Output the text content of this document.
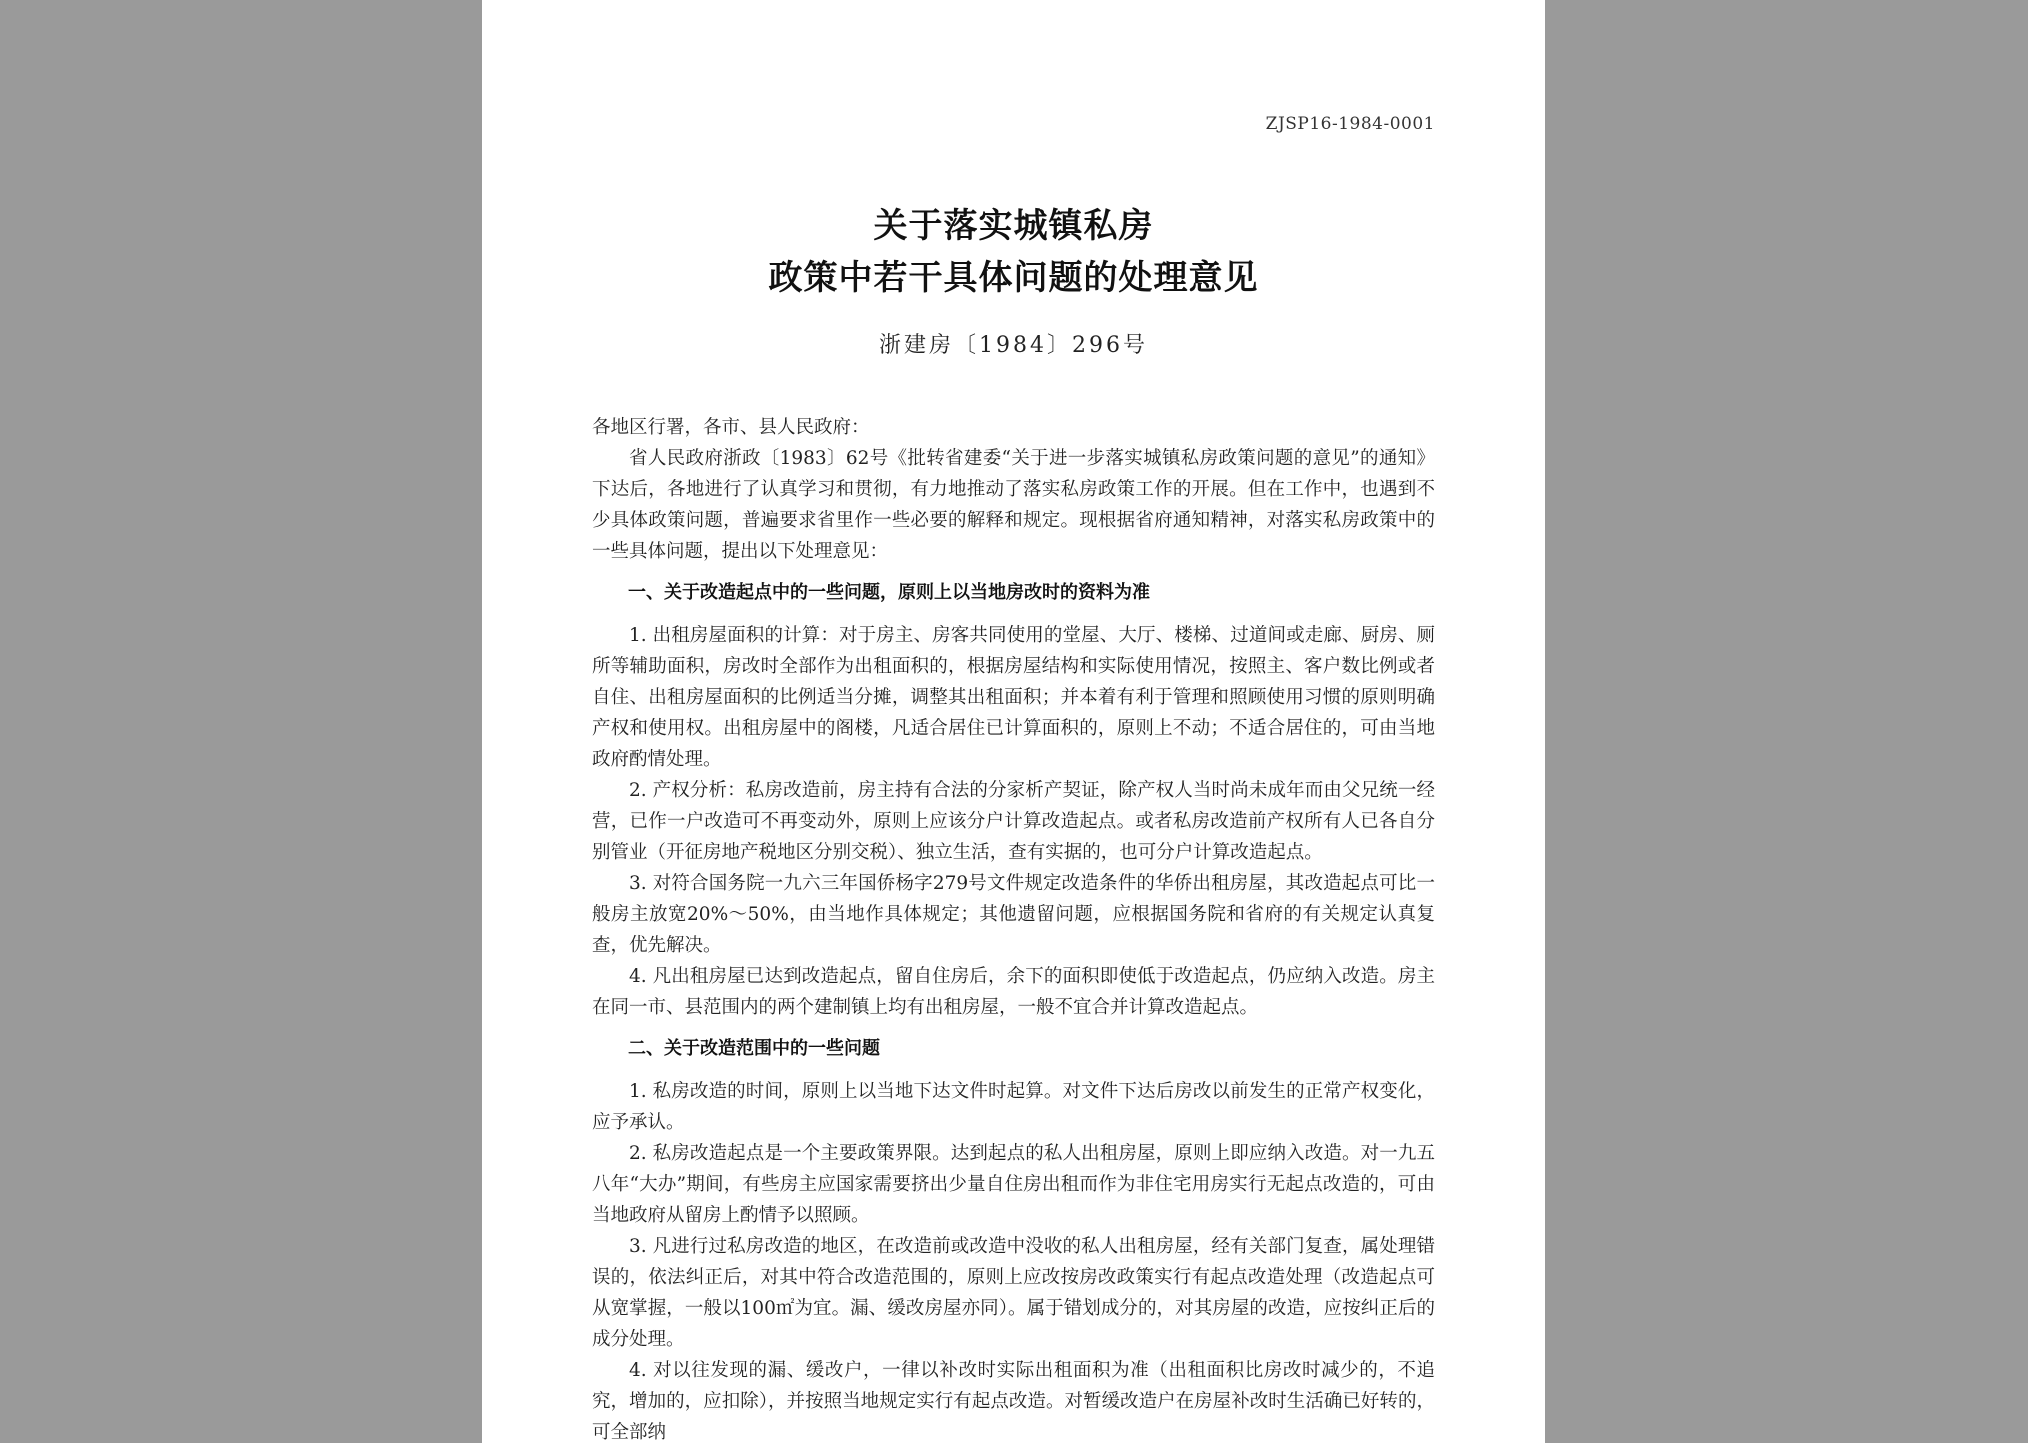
ZJSP16-1984-0001
关于落实城镇私房
政策中若干具体问题的处理意见
浙建房〔1984〕296号

各地区行署，各市、县人民政府：

省人民政府浙政〔1983〕62号《批转省建委“关于进一步落实城镇私房政策问题的意见”的通知》下达后，各地进行了认真学习和贯彻，有力地推动了落实私房政策工作的开展。但在工作中，也遇到不少具体政策问题，普遍要求省里作一些必要的解释和规定。现根据省府通知精神，对落实私房政策中的一些具体问题，提出以下处理意见：

一、关于改造起点中的一些问题，原则上以当地房改时的资料为准

1. 出租房屋面积的计算：对于房主、房客共同使用的堂屋、大厅、楼梯、过道间或走廊、厨房、厕所等辅助面积，房改时全部作为出租面积的，根据房屋结构和实际使用情况，按照主、客户数比例或者自住、出租房屋面积的比例适当分摊，调整其出租面积；并本着有利于管理和照顾使用习惯的原则明确产权和使用权。出租房屋中的阁楼，凡适合居住已计算面积的，原则上不动；不适合居住的，可由当地政府酌情处理。

2. 产权分析：私房改造前，房主持有合法的分家析产契证，除产权人当时尚未成年而由父兄统一经营，已作一户改造可不再变动外，原则上应该分户计算改造起点。或者私房改造前产权所有人已各自分别管业（开征房地产税地区分别交税）、独立生活，查有实据的，也可分户计算改造起点。

3. 对符合国务院一九六三年国侨杨字279号文件规定改造条件的华侨出租房屋，其改造起点可比一般房主放宽20%～50%，由当地作具体规定；其他遗留问题，应根据国务院和省府的有关规定认真复查，优先解决。

4. 凡出租房屋已达到改造起点，留自住房后，余下的面积即使低于改造起点，仍应纳入改造。房主在同一市、县范围内的两个建制镇上均有出租房屋，一般不宜合并计算改造起点。

二、关于改造范围中的一些问题

1. 私房改造的时间，原则上以当地下达文件时起算。对文件下达后房改以前发生的正常产权变化，应予承认。

2. 私房改造起点是一个主要政策界限。达到起点的私人出租房屋，原则上即应纳入改造。对一九五八年“大办”期间，有些房主应国家需要挤出少量自住房出租而作为非住宅用房实行无起点改造的，可由当地政府从留房上酌情予以照顾。

3. 凡进行过私房改造的地区，在改造前或改造中没收的私人出租房屋，经有关部门复查，属处理错误的，依法纠正后，对其中符合改造范围的，原则上应改按房改政策实行有起点改造处理（改造起点可从宽掌握，一般以100㎡为宜。漏、缓改房屋亦同）。属于错划成分的，对其房屋的改造，应按纠正后的成分处理。

4. 对以往发现的漏、缓改户，一律以补改时实际出租面积为准（出租面积比房改时减少的，不追究，增加的，应扣除），并按照当地规定实行有起点改造。对暂缓改造户在房屋补改时生活确已好转的，可全部纳
